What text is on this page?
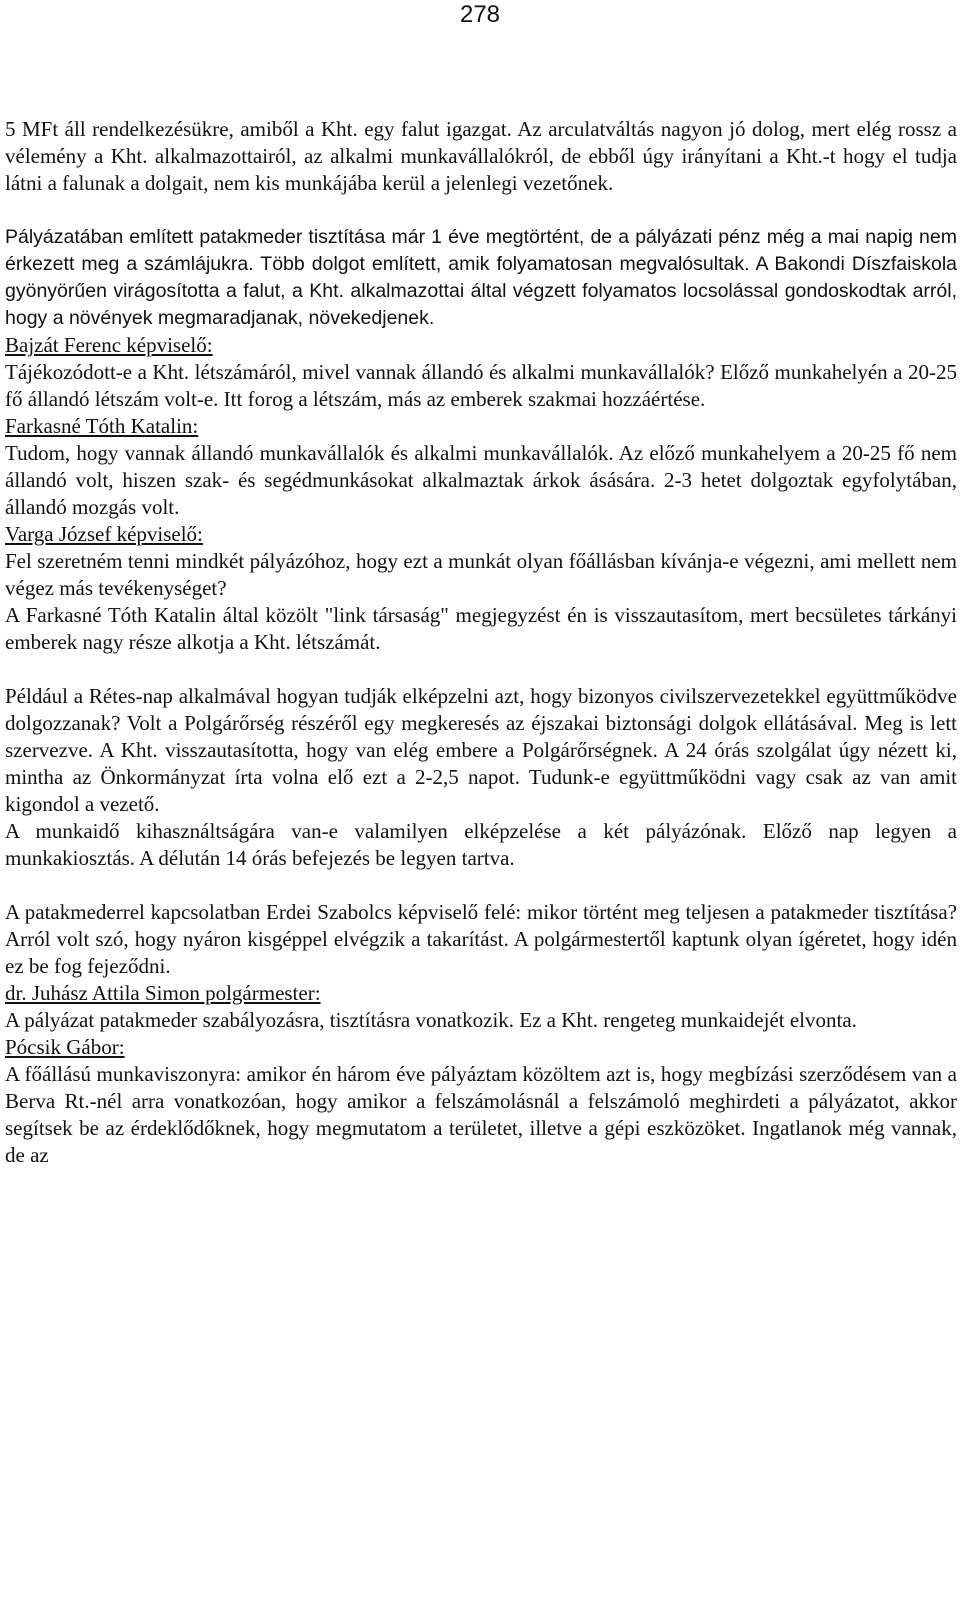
278

5 MFt áll rendelkezésükre, amiből a Kht. egy falut igazgat. Az arculatváltás nagyon jó dolog, mert elég rossz a vélemény a Kht. alkalmazottairól, az alkalmi munkavállalókról, de ebből úgy irányítani a Kht.-t hogy el tudja látni a falunak a dolgait, nem kis munkájába kerül a jelenlegi vezetőnek.

Pályázatában említett patakmeder tisztítása már 1 éve megtörtént, de a pályázati pénz még a mai napig nem érkezett meg a számlájukra. Több dolgot említett, amik folyamatosan megvalósultak. A Bakondi Díszfaiskola gyönyörűen virágosította a falut, a Kht. alkalmazottai által végzett folyamatos locsolással gondoskodtak arról, hogy a növények megmaradjanak, növekedjenek.

Bajzát Ferenc képviselő:

Tájékozódott-e a Kht. létszámáról, mivel vannak állandó és alkalmi munkavállalók? Előző munkahelyén a 20-25 fő állandó létszám volt-e. Itt forog a létszám, más az emberek szakmai hozzáértése.

Farkasné Tóth Katalin:

Tudom, hogy vannak állandó munkavállalók és alkalmi munkavállalók. Az előző munkahelyem a 20-25 fő nem állandó volt, hiszen szak- és segédmunkásokat alkalmaztak árkok ásására. 2-3 hetet dolgoztak egyfolytában, állandó mozgás volt.

Varga József képviselő:

Fel szeretném tenni mindkét pályázóhoz, hogy ezt a munkát olyan főállásban kívánja-e végezni, ami mellett nem végez más tevékenységet?

A Farkasné Tóth Katalin által közölt "link társaság" megjegyzést én is visszautasítom, mert becsületes tárkányi emberek nagy része alkotja a Kht. létszámát.

Például a Rétes-nap alkalmával hogyan tudják elképzelni azt, hogy bizonyos civilszervezetekkel együttműködve dolgozzanak? Volt a Polgárőrség részéről egy megkeresés az éjszakai biztonsági dolgok ellátásával. Meg is lett szervezve. A Kht. visszautasította, hogy van elég embere a Polgárőrségnek. A 24 órás szolgálat úgy nézett ki, mintha az Önkormányzat írta volna elő ezt a 2-2,5 napot. Tudunk-e együttműködni vagy csak az van amit kigondol a vezető.

A munkaidő kihasználtságára van-e valamilyen elképzelése a két pályázónak. Előző nap legyen a munkakiosztás. A délután 14 órás befejezés be legyen tartva.

A patakmederrel kapcsolatban Erdei Szabolcs képviselő felé: mikor történt meg teljesen a patakmeder tisztítása? Arról volt szó, hogy nyáron kisgéppel elvégzik a takarítást. A polgármestertől kaptunk olyan ígéretet, hogy idén ez be fog fejeződni.

dr. Juhász Attila Simon polgármester:

A pályázat patakmeder szabályozásra, tisztításra vonatkozik. Ez a Kht. rengeteg munkaidejét elvonta.

Pócsik Gábor:

A főállású munkaviszonyra: amikor én három éve pályáztam közöltem azt is, hogy megbízási szerződésem van a Berva Rt.-nél arra vonatkozóan, hogy amikor a felszámolásnál a felszámoló meghirdeti a pályázatot, akkor segítsek be az érdeklődőknek, hogy megmutatom a területet, illetve a gépi eszközöket. Ingatlanok még vannak, de az
